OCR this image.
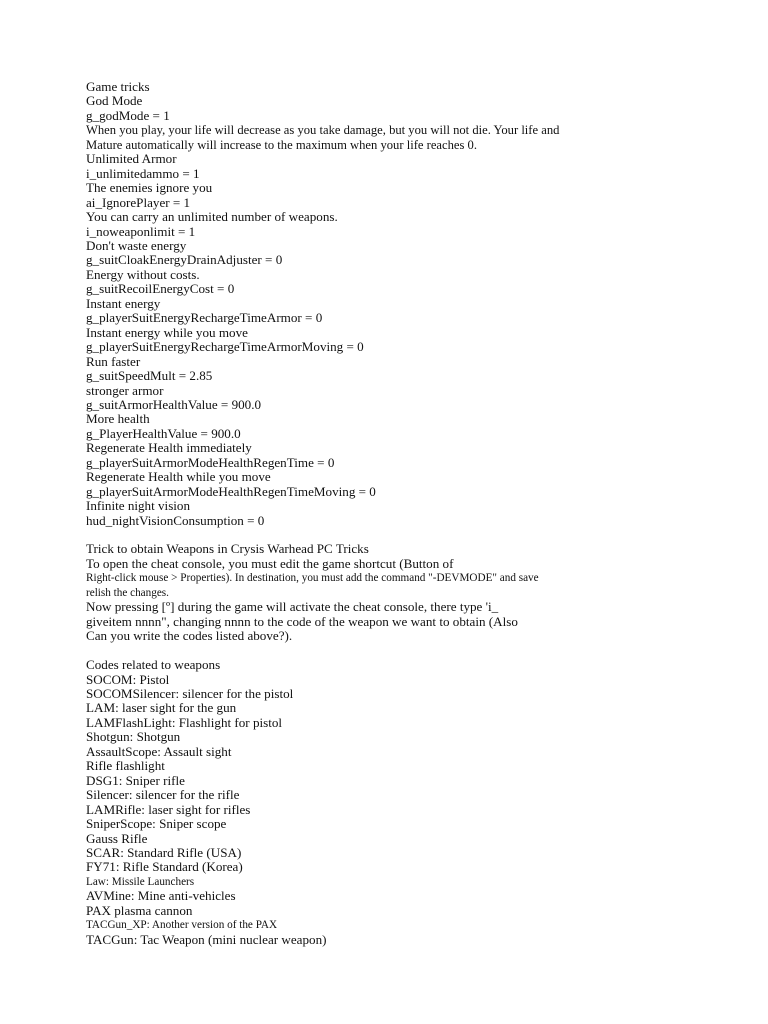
Game tricks
God Mode
g_godMode = 1
When you play, your life will decrease as you take damage, but you will not die. Your life and
Mature automatically will increase to the maximum when your life reaches 0.
Unlimited Armor
i_unlimitedammo = 1
The enemies ignore you
ai_IgnorePlayer = 1
You can carry an unlimited number of weapons.
i_noweaponlimit = 1
Don't waste energy
g_suitCloakEnergyDrainAdjuster = 0
Energy without costs.
g_suitRecoilEnergyCost = 0
Instant energy
g_playerSuitEnergyRechargeTimeArmor = 0
Instant energy while you move
g_playerSuitEnergyRechargeTimeArmorMoving = 0
Run faster
g_suitSpeedMult = 2.85
stronger armor
g_suitArmorHealthValue = 900.0
More health
g_PlayerHealthValue = 900.0
Regenerate Health immediately
g_playerSuitArmorModeHealthRegenTime = 0
Regenerate Health while you move
g_playerSuitArmorModeHealthRegenTimeMoving = 0
Infinite night vision
hud_nightVisionConsumption = 0
Trick to obtain Weapons in Crysis Warhead PC Tricks
To open the cheat console, you must edit the game shortcut (Button of
Right-click mouse > Properties). In destination, you must add the command "-DEVMODE" and save
relish the changes.
Now pressing [º] during the game will activate the cheat console, there type 'i_
giveitem nnnn", changing nnnn to the code of the weapon we want to obtain (Also
Can you write the codes listed above?).
Codes related to weapons
SOCOM: Pistol
SOCOMSilencer: silencer for the pistol
LAM: laser sight for the gun
LAMFlashLight: Flashlight for pistol
Shotgun: Shotgun
AssaultScope: Assault sight
Rifle flashlight
DSG1: Sniper rifle
Silencer: silencer for the rifle
LAMRifle: laser sight for rifles
SniperScope: Sniper scope
Gauss Rifle
SCAR: Standard Rifle (USA)
FY71: Rifle Standard (Korea)
Law: Missile Launchers
AVMine: Mine anti-vehicles
PAX plasma cannon
TACGun_XP: Another version of the PAX
TACGun: Tac Weapon (mini nuclear weapon)
